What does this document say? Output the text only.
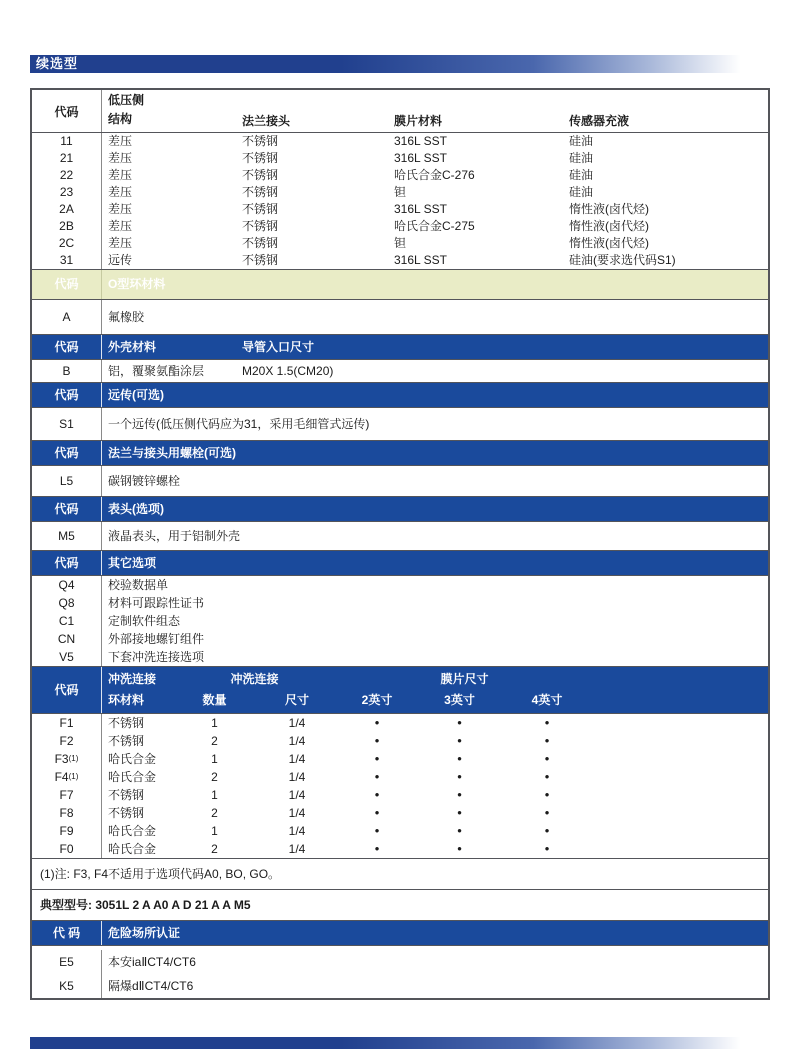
续选型
代码
低压侧
结构	法兰接头	膜片材料	传感器充液
11	差压	不锈钢	316L SST	硅油
21	差压	不锈钢	316L SST	硅油
22	差压	不锈钢	哈氏合金C-276	硅油
23	差压	不锈钢	钽	硅油
2A	差压	不锈钢	316L SST	惰性液(卤代烃)
2B	差压	不锈钢	哈氏合金C-275	惰性液(卤代烃)
2C	差压	不锈钢	钽	惰性液(卤代烃)
31	远传	不锈钢	316L SST	硅油(要求选代码S1)
代码	O型环材料
A	氟橡胶
代码	外壳材料	导管入口尺寸
B	铝，覆聚氨酯涂层	M20X 1.5(CM20)
代码	远传(可选)
S1	一个远传(低压侧代码应为31，采用毛细管式远传)
代码	法兰与接头用螺栓(可选)
L5	碳钢镀锌螺栓
代码	表头(选项)
M5	液晶表头，用于铝制外壳
代码	其它选项
Q4	校验数据单
Q8	材料可跟踪性证书
C1	定制软件组态
CN	外部接地螺钉组件
V5	下套冲洗连接选项
代码
冲洗连接	冲洗连接	膜片尺寸
环材料	数量	尺寸	2英寸	3英寸	4英寸
F1	不锈钢	1	1/4	•	•	•
F2	不锈钢	2	1/4	•	•	•
F3 (1)	哈氏合金	1	1/4	•	•	•
F4 (1)	哈氏合金	2	1/4	•	•	•
F7	不锈钢	1	1/4	•	•	•
F8	不锈钢	2	1/4	•	•	•
F9	哈氏合金	1	1/4	•	•	•
F0	哈氏合金	2	1/4	•	•	•
(1)注: F3, F4不适用于选项代码A0, BO, GO。
典型型号: 3051L 2 A A0 A D 21 A A M5
代 码	危险场所认证
E5	本安iaⅡCT4/CT6
K5	隔爆dⅡCT4/CT6
